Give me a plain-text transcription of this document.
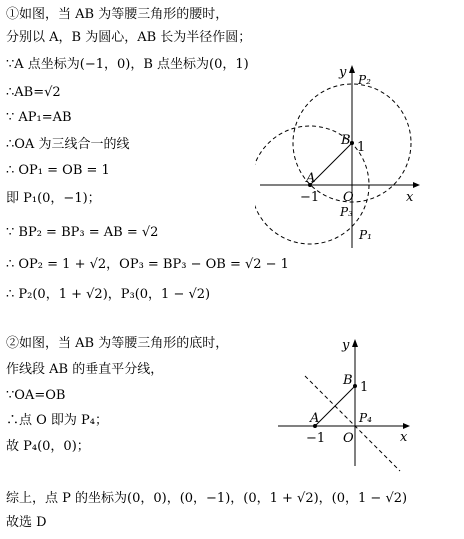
①如图，当 AB 为等腰三角形的腰时，
分别以 A，B 为圆心，AB 长为半径作圆；
∵A 点坐标为(−1，0)，B 点坐标为(0，1)
∴AB=√2
∵ AP₁=AB
∴OA 为三线合一的线
∴ OP₁ = OB = 1
即 P₁(0，−1)；
∵ BP₂ = BP₃ = AB = √2
∴ OP₂ = 1 + √2，OP₃ = BP₃ − OB = √2 − 1
∴ P₂(0，1 + √2)，P₃(0，1 − √2)
x
y P₂
B 1
A
O
−1
P₃
P₁
②如图，当 AB 为等腰三角形的底时，
作线段 AB 的垂直平分线，
∵OA=OB
∴点 O 即为 P₄；
故 P₄(0，0)；
y
B 1
A	P₄
−1 O	x
综上，点 P 的坐标为(0，0)，(0，−1)，(0，1 + √2)，(0，1 − √2)
故选 D
